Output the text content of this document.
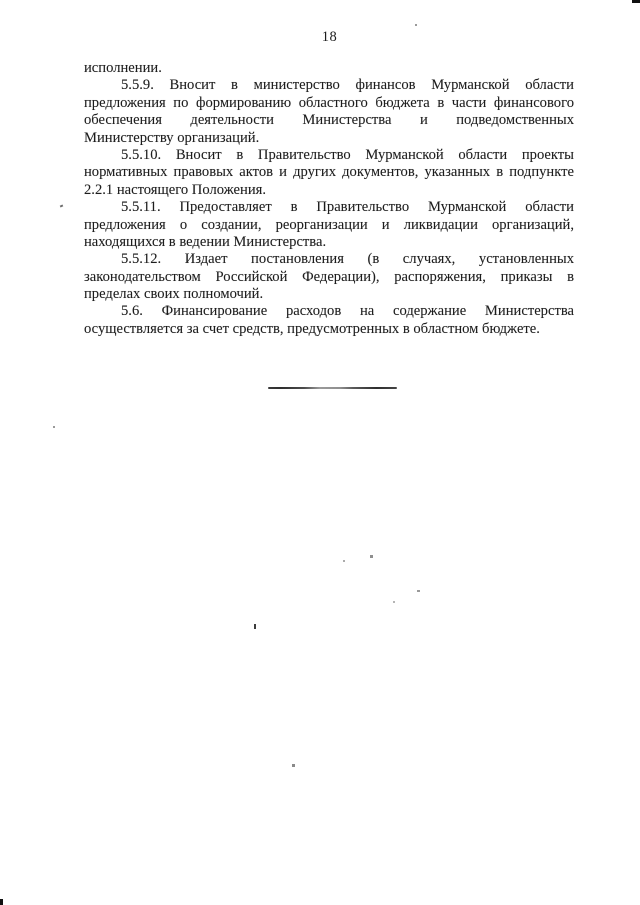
18
исполнении.
5.5.9. Вносит в министерство финансов Мурманской области
предложения по формированию областного бюджета в части финансового
обеспечения деятельности Министерства и подведомственных
Министерству организаций.
5.5.10. Вносит в Правительство Мурманской области проекты
нормативных правовых актов и других документов, указанных в подпункте
2.2.1 настоящего Положения.
5.5.11. Предоставляет в Правительство Мурманской области
предложения о создании, реорганизации и ликвидации организаций,
находящихся в ведении Министерства.
5.5.12. Издает постановления (в случаях, установленных
законодательством Российской Федерации), распоряжения, приказы в
пределах своих полномочий.
5.6. Финансирование расходов на содержание Министерства
осуществляется за счет средств, предусмотренных в областном бюджете.
